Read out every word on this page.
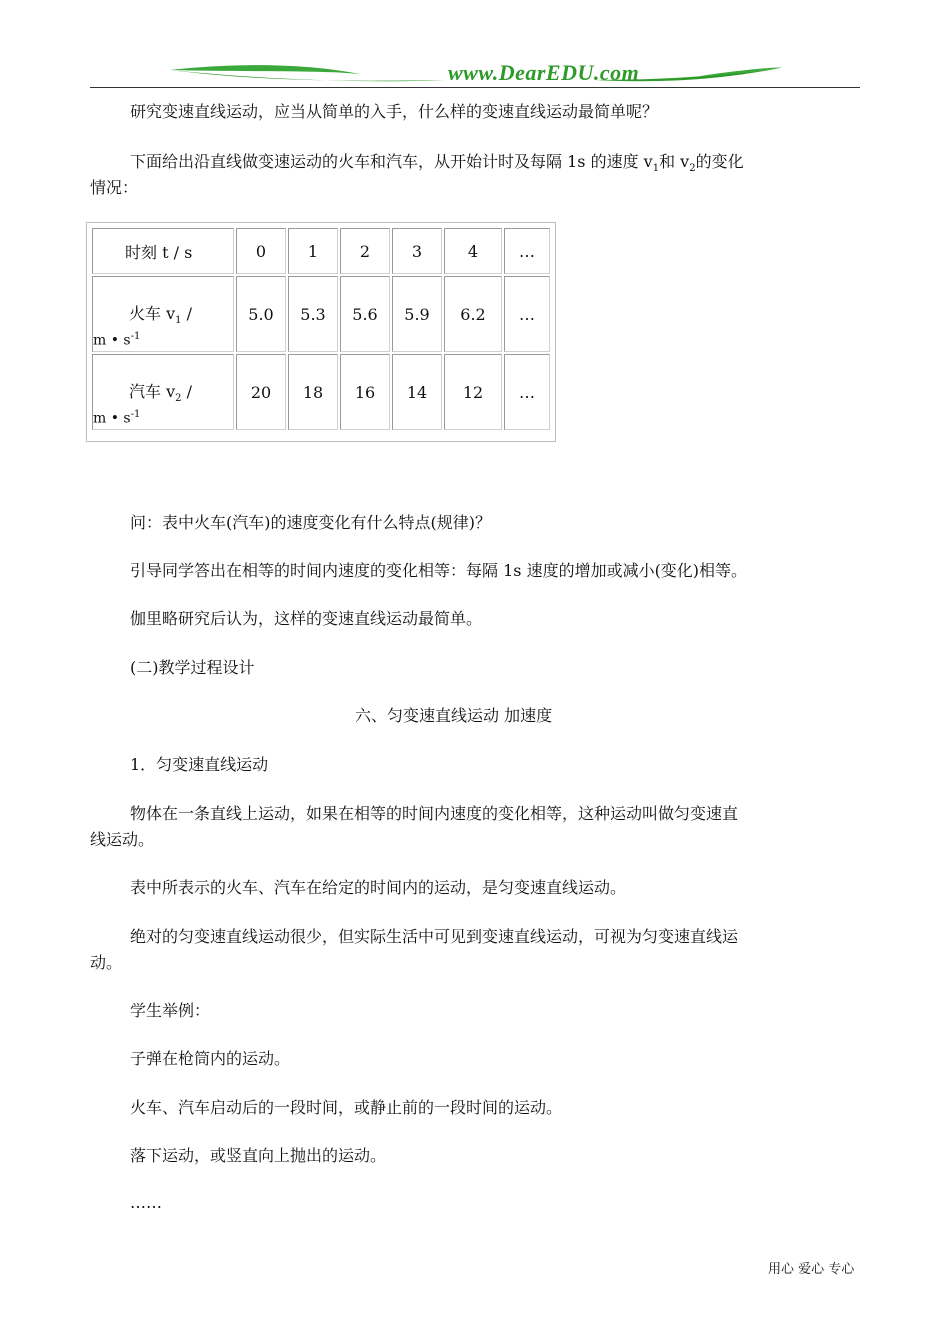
www.DearEDU.com
研究变速直线运动，应当从简单的入手，什么样的变速直线运动最简单呢？
下面给出沿直线做变速运动的火车和汽车，从开始计时及每隔 1s 的速度 $v_1$和 $v_2$的变化
情况：
时刻 t / s	0	1	2	3	4	…

火车 $v_1$ /
m • $s^{-1}$	5.0	5.3	5.6	5.9	6.2	…

汽车 $v_2$ /
m • $s^{-1}$	20	18	16	14	12	…
问：表中火车(汽车)的速度变化有什么特点(规律)？
引导同学答出在相等的时间内速度的变化相等：每隔 1s 速度的增加或减小(变化)相等。
伽里略研究后认为，这样的变速直线运动最简单。
(二)教学过程设计
六、匀变速直线运动 加速度
1．匀变速直线运动
物体在一条直线上运动，如果在相等的时间内速度的变化相等，这种运动叫做匀变速直
线运动。
表中所表示的火车、汽车在给定的时间内的运动，是匀变速直线运动。
绝对的匀变速直线运动很少，但实际生活中可见到变速直线运动，可视为匀变速直线运
动。
学生举例：
子弹在枪筒内的运动。
火车、汽车启动后的一段时间，或静止前的一段时间的运动。
落下运动，或竖直向上抛出的运动。
……
用心 爱心 专心
